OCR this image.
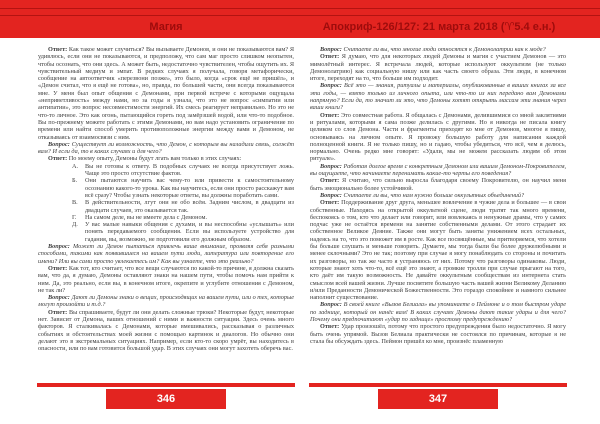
Магия	Апокриф-126/127: 21 марта 2018 (♈5.4 е.н.)

Ответ: Как такое может случиться? Вы вызываете Демонов, и они не показываются вам? Я удивлюсь, если они не показываются, и предположу, что сам маг просто слишком неопытен, чтобы осознать, что они здесь. А может быть, недостаточно чувствителен, чтобы ощутить их. Я чувствительный медиум и эмпат. В редких случаях я получала, говоря метафорически, сообщение на автоответчик «перезвони позже», это было, когда «срок ещё не пришёл», и «Демон считал, что я ещё не готова», но, правда, по большей части, они всегда показываются мне. У меня был опыт общения с Демонами, при первой встрече с которыми ощущала «неприветливость» между нами, но за годы я узнала, что это не вопрос «симпатии или антипатии», это вопрос несовместимости энергий. Их смесь реагирует неправильно. Но это не что-то личное. Это как огонь, пытающийся гореть под замёрзшей водой, или что-то подобное. Вы по-прежнему можете работать с этими Демонами, но вам надо установить ограничение по времени или найти способ умерить противоположные энергии между вами и Демоном, не отказываясь от взаимосвязи с ним.

Вопрос: Существует ли возможность, что Демон, с которым вы наладили связь, солжёт вам? И если да, то в каких случаях и для чего?

Ответ: По моему опыту, Демоны будут лгать вам только в этих случаях:

А.	Вы не готовы к ответу. В подобных случаях не всегда присутствует ложь. Чаще это просто отсутствие фактов.
Б.	Они пытаются научить вас чему-то или привести к самостоятельному осознанию какого-то урока. Как вы научитесь, если они просто расскажут вам всё сразу? Чтобы узнать некоторые ответы, вы должны поработать сами.
В.	В действительности, лгут они не обо всём. Задним числом, в двадцати из двадцати случаев, это оказывается так.
Г.	На самом деле, вы не имеете дела с Демоном.
Д.	У вас малые навыки общения с духами, и вы неспособны «услышать» или понять передаваемого сообщения. Если вы используете устройство для гадания, вы, возможно, не подготовили его должным образом.

Вопрос: Может ли Демон пытаться привлечь ваше внимание, проявляя себя разными способами, такими как появившиеся на вашем пути люди, литература или повторение его имени? Или вы сами просто увлекаетесь им? Как вы узнаете, что это реально?

Ответ: Как тот, кто считает, что все вещи случаются по какой-то причине, я должна сказать вам, что да, я думаю, Демоны оставляют знаки на нашем пути, чтобы помочь нам прийти к ним. Да, это реально, если вы, в конечном итоге, окрепите и углубите отношения с Демоном, не так ли?

Вопрос: Дают ли Демоны знаки о вещах, происходящих на вашем пути, или о тех, которые могут произойти и т.д.?

Ответ: Вы спрашиваете, будут ли они делать сложные трюки? Некоторые будут, некоторые нет. Зависит от Демона, ваших отношений с ними и важности ситуации. Здесь очень много факторов. Я сталкивалась с Демонами, которые вмешивались, рассказывая о различных событиях и обстоятельствах моей жизни с помощью картинок и диалогов. Но обычно они делают это в экстремальных ситуациях. Например, если кто-то скоро умрёт, вы находитесь в опасности, или по вам готовится большой удар. В этих случаях они могут захотеть оберечь вас.

Вопрос: Считаете ли вы, что многие люди относятся к Демонолатрии как к моде?

Ответ: Я думаю, что для некоторых людей Демоны и магия с участием Демонов — это мимолётный интерес. Я встречала людей, которые используют оккультизм (не только Демонолатрию) как социальную нишу или как часть своего образа. Эти люди, в конечном итоге, переходят на то, что больше им подходит.

Вопрос: Всё это — знания, ритуалы и материалы, опубликованные в ваших книгах за все эти годы, — взято только из личного опыта, или что-то из них передано вам Демонами напрямую? Если да, то значит ли это, что Демоны хотят открыть массам эти знания через ваши книги?

Ответ: Это совместная работа. Я общалась с Демонами, делившимися со мной заклятиями и ритуалами, которыми я сама позже делилась с другими. Но я никогда не писала книгу целиком со слов Демона. Части и фрагменты приходят ко мне от Демонов, многое я пишу, основываясь на личном опыте. Я провожу большую работу для написания каждой полноценной книги. Я не только пишу, но и гадаю, чтобы убедиться, что всё, чем я делюсь, нормально. Очень редко мне говорят: «Удали, мы не можем рассказать людям об этом ритуале».

Вопрос: Работая долгое время с конкретным Демоном или вашим Демоном-Покровителем, вы ощущаете, что начинаете перенимать какие-то черты его поведения?

Ответ: Я считаю, что сильно выросла благодаря своему Покровителю, он научил меня быть эмоционально более устойчивой.

Вопрос: Считаете ли вы, что нам нужно больше оккультных объединений?

Ответ: Поддерживание друг друга, меньшее вовлечение в чужие дела и большее — в свои собственные. Находясь на открытой оккультной сцене, люди тратят так много времени, беспокоясь о том, кто что делает или говорит, или вовлекаясь в ненужные драмы, что у самих подчас уже не остаётся времени на занятие собственными делами. От этого страдает их собственное Великое Деяние. Также они могут быть заняты унижением всех остальных, надеясь на то, что это поможет им в росте. Как все посвящённые, мы притворяемся, что хотели бы больше слушать и меньше говорить. Думаете, мы тогда были бы более дружелюбными и менее склочными? Это не так; поэтому при случае я могу понаблюдать со стороны и почитать их разговоры, но так же часто я устраняюсь от них. Потому что разговоры одинаковы. Люди, которые знают хоть что-то, всё ещё это знают, а громкие тролли при случае прыгают на того, кто даёт им такую возможность. Не давайте оккультным сообществам из интернета стать смыслом всей вашей жизни. Лучше посвятите большую часть вашей жизни Великому Деланию и/или Преданности Демонической Божественности. Это гораздо спокойнее и намного сильнее наполнит существование.

Вопрос: В своей книге «Вызов Белиала» вы упоминаете о Пеймоне и о том быстром ударе по заднице, который он нанёс вам! В каких случаях Демоны дают такие удары и для чего? Почему они предпочитают «удар по заднице» простому предупреждению?

Ответ: Удар произошёл, потому что простого предупреждения было недостаточно. Я могу быть очень упрямой. Вызов Белиала практически не состоялся по причинам, которые я не стала бы обсуждать здесь. Пеймон пришёл ко мне, произнёс пламенную

346	347
